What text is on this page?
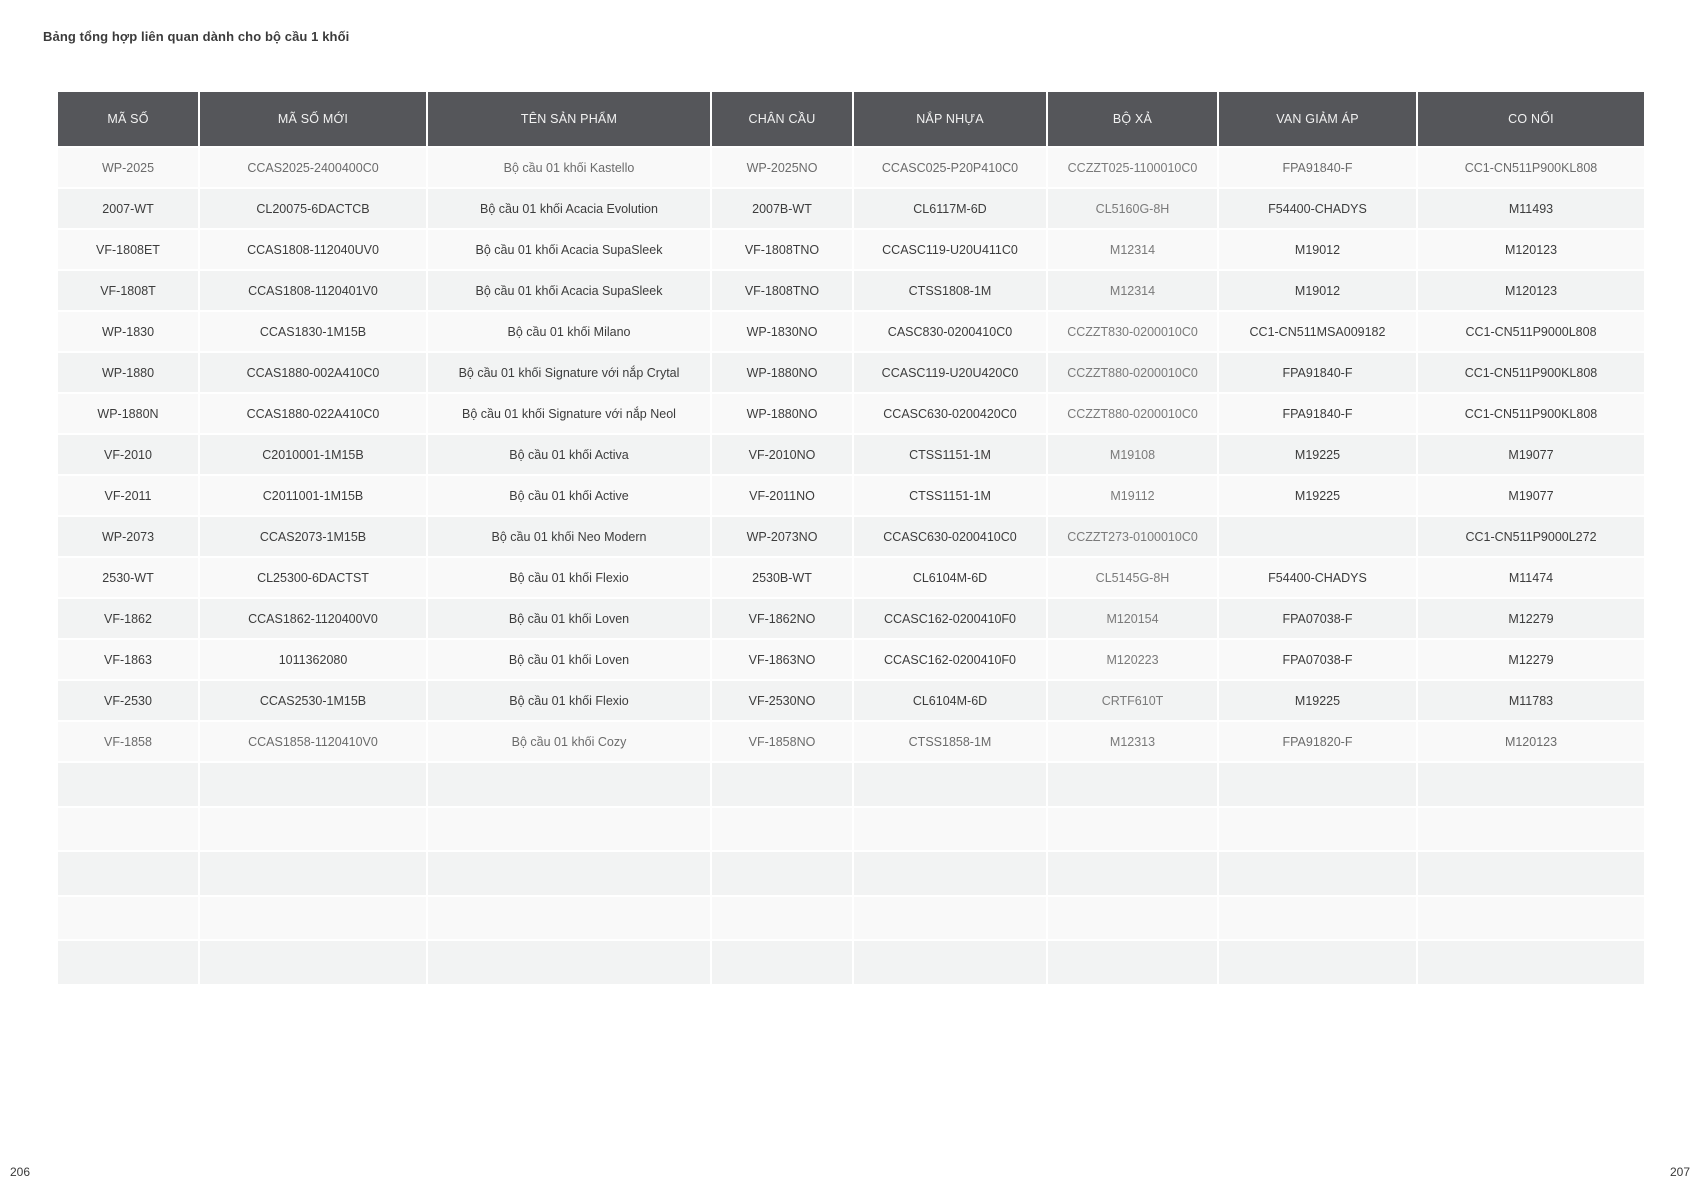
Bảng tổng hợp liên quan dành cho bộ cầu 1 khối
MÃ SỐ	MÃ SỐ MỚI	TÊN SẢN PHẨM	CHÂN CẦU	NẮP NHỰA	BỘ XẢ	VAN GIẢM ÁP	CO NỐI
WP-2025	CCAS2025-2400400C0	Bộ cầu 01 khối Kastello	WP-2025NO	CCASC025-P20P410C0	CCZZT025-1100010C0	FPA91840-F	CC1-CN511P900KL808
2007-WT	CL20075-6DACTCB	Bộ cầu 01 khối Acacia Evolution	2007B-WT	CL6117M-6D	CL5160G-8H	F54400-CHADYS	M11493
VF-1808ET	CCAS1808-112040UV0	Bộ cầu 01 khối Acacia SupaSleek	VF-1808TNO	CCASC119-U20U411C0	M12314	M19012	M120123
VF-1808T	CCAS1808-1120401V0	Bộ cầu 01 khối Acacia SupaSleek	VF-1808TNO	CTSS1808-1M	M12314	M19012	M120123
WP-1830	CCAS1830-1M15B	Bộ cầu 01 khối Milano	WP-1830NO	CASC830-0200410C0	CCZZT830-0200010C0	CC1-CN511MSA009182	CC1-CN511P9000L808
WP-1880	CCAS1880-002A410C0	Bộ cầu 01 khối Signature với nắp Crytal	WP-1880NO	CCASC119-U20U420C0	CCZZT880-0200010C0	FPA91840-F	CC1-CN511P900KL808
WP-1880N	CCAS1880-022A410C0	Bộ cầu 01 khối Signature với nắp Neol	WP-1880NO	CCASC630-0200420C0	CCZZT880-0200010C0	FPA91840-F	CC1-CN511P900KL808
VF-2010	C2010001-1M15B	Bộ cầu 01 khối Activa	VF-2010NO	CTSS1151-1M	M19108	M19225	M19077
VF-2011	C2011001-1M15B	Bộ cầu 01 khối Active	VF-2011NO	CTSS1151-1M	M19112	M19225	M19077
WP-2073	CCAS2073-1M15B	Bộ cầu 01 khối Neo Modern	WP-2073NO	CCASC630-0200410C0	CCZZT273-0100010C0		CC1-CN511P9000L272
2530-WT	CL25300-6DACTST	Bộ cầu 01 khối Flexio	2530B-WT	CL6104M-6D	CL5145G-8H	F54400-CHADYS	M11474
VF-1862	CCAS1862-1120400V0	Bộ cầu 01 khối Loven	VF-1862NO	CCASC162-0200410F0	M120154	FPA07038-F	M12279
VF-1863	1011362080	Bộ cầu 01 khối Loven	VF-1863NO	CCASC162-0200410F0	M120223	FPA07038-F	M12279
VF-2530	CCAS2530-1M15B	Bộ cầu 01 khối Flexio	VF-2530NO	CL6104M-6D	CRTF610T	M19225	M11783
VF-1858	CCAS1858-1120410V0	Bộ cầu 01 khối Cozy	VF-1858NO	CTSS1858-1M	M12313	FPA91820-F	M120123

206	207
